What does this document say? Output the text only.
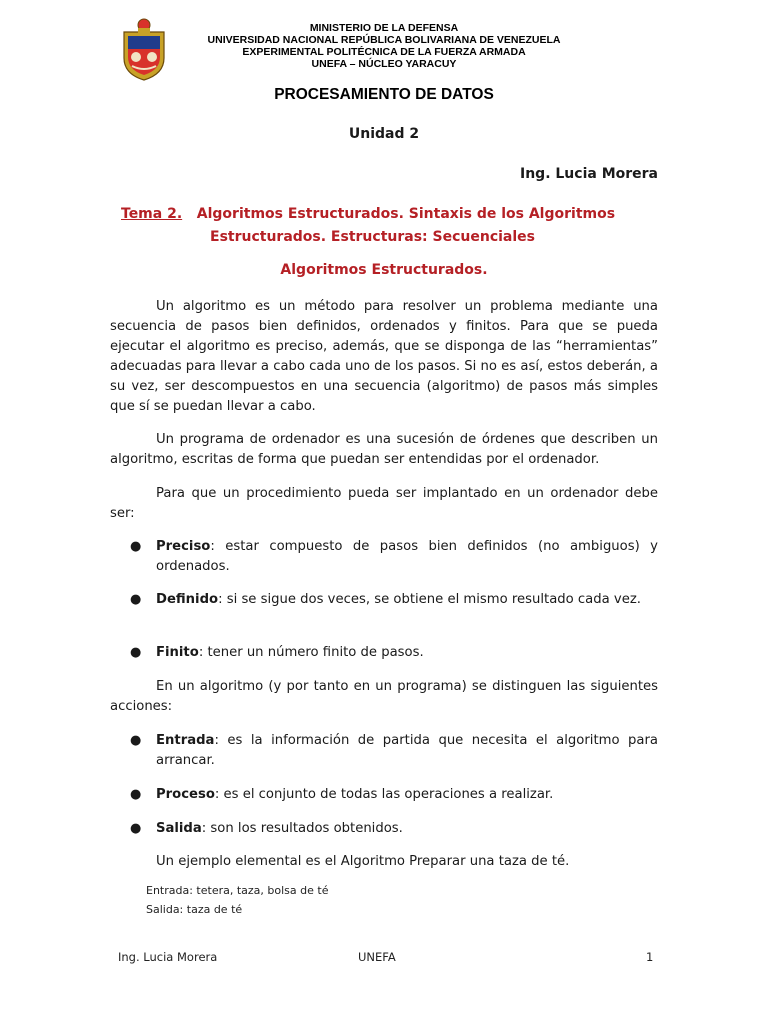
MINISTERIO DE LA DEFENSA
UNIVERSIDAD NACIONAL REPÚBLICA BOLIVARIANA DE VENEZUELA
EXPERIMENTAL POLITÉCNICA DE LA FUERZA ARMADA
UNEFA – NÚCLEO YARACUY
PROCESAMIENTO DE DATOS
Unidad 2
Ing. Lucia Morera
Tema 2. Algoritmos Estructurados. Sintaxis de los Algoritmos
Estructurados. Estructuras: Secuenciales
Algoritmos Estructurados.
Un algoritmo es un método para resolver un problema mediante una secuencia de pasos bien definidos, ordenados y finitos. Para que se pueda ejecutar el algoritmo es preciso, además, que se disponga de las “herramientas” adecuadas para llevar a cabo cada uno de los pasos. Si no es así, estos deberán, a su vez, ser descompuestos en una secuencia (algoritmo) de pasos más simples que sí se puedan llevar a cabo.
Un programa de ordenador es una sucesión de órdenes que describen un algoritmo, escritas de forma que puedan ser entendidas por el ordenador.
Para que un procedimiento pueda ser implantado en un ordenador debe ser:
● Preciso: estar compuesto de pasos bien definidos (no ambiguos) y ordenados.
● Definido: si se sigue dos veces, se obtiene el mismo resultado cada vez.
● Finito: tener un número finito de pasos.
En un algoritmo (y por tanto en un programa) se distinguen las siguientes acciones:
● Entrada: es la información de partida que necesita el algoritmo para arrancar.
● Proceso: es el conjunto de todas las operaciones a realizar.
● Salida: son los resultados obtenidos.
Un ejemplo elemental es el Algoritmo Preparar una taza de té.
Entrada: tetera, taza, bolsa de té
Salida: taza de té
Ing. Lucia Morera	UNEFA	1
